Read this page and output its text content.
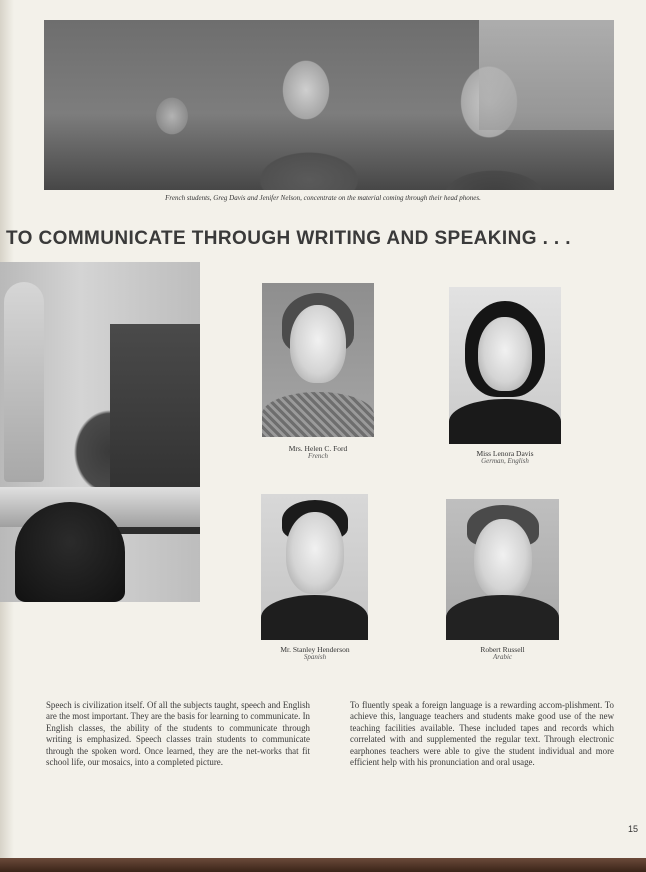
French students, Greg Davis and Jenifer Nelson, concentrate on the material coming through their head phones.
TO COMMUNICATE THROUGH WRITING AND SPEAKING . . .
Mrs. Helen C. Ford
French	Miss Lenora Davis
German, English
Mr. Stanley Henderson
Spanish
Robert Russell
Arabic
Speech is civilization itself. Of all the subjects taught, speech and English are the most important. They are the basis for learning to communicate. In English classes, the ability of the students to communicate through writing is emphasized. Speech classes train students to communicate through the spoken word. Once learned, they are the net-works that fit school life, our mosaics, into a completed picture.
To fluently speak a foreign language is a rewarding accom-plishment. To achieve this, language teachers and students make good use of the new teaching facilities available. These included tapes and records which correlated with and supplemented the regular text. Through electronic earphones teachers were able to give the student individual and more efficient help with his pronunciation and oral usage.
15
